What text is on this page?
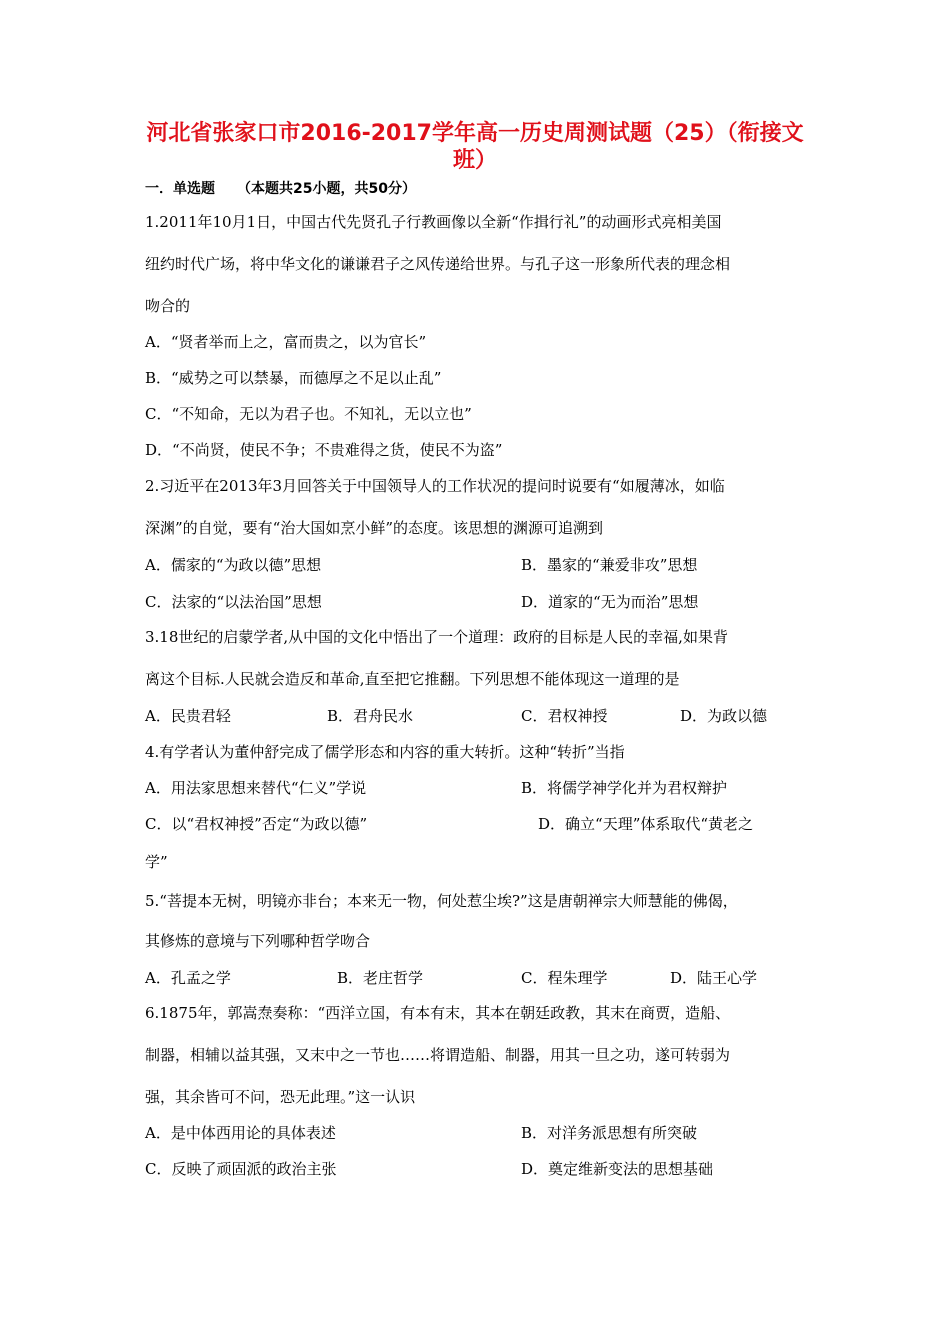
河北省张家口市2016-2017学年高一历史周测试题（25）（衔接文
班）
一．单选题 （本题共25小题，共50分）
1.2011年10月1日，中国古代先贤孔子行教画像以全新“作揖行礼”的动画形式亮相美国
纽约时代广场，将中华文化的谦谦君子之风传递给世界。与孔子这一形象所代表的理念相
吻合的
A．“贤者举而上之，富而贵之，以为官长”
B．“威势之可以禁暴，而德厚之不足以止乱”
C．“不知命，无以为君子也。不知礼，无以立也”
D．“不尚贤，使民不争；不贵难得之货，使民不为盗”
2.习近平在2013年3月回答关于中国领导人的工作状况的提问时说要有“如履薄冰，如临
深渊”的自觉，要有“治大国如烹小鲜”的态度。该思想的渊源可追溯到
A．儒家的“为政以德”思想	B．墨家的“兼爱非攻”思想
C．法家的“以法治国”思想	D．道家的“无为而治”思想
3.18世纪的启蒙学者,从中国的文化中悟出了一个道理：政府的目标是人民的幸福,如果背
离这个目标.人民就会造反和革命,直至把它推翻。下列思想不能体现这一道理的是
A．民贵君轻	B．君舟民水	C．君权神授	D．为政以德
4.有学者认为董仲舒完成了儒学形态和内容的重大转折。这种“转折”当指
A．用法家思想来替代“仁义”学说	B．将儒学神学化并为君权辩护
C．以“君权神授”否定“为政以德”	D．确立“天理”体系取代“黄老之
学”
5.“菩提本无树，明镜亦非台；本来无一物，何处惹尘埃?”这是唐朝禅宗大师慧能的佛偈，
其修炼的意境与下列哪种哲学吻合
A．孔孟之学	B．老庄哲学	C．程朱理学	D．陆王心学
6.1875年，郭嵩焘奏称：“西洋立国，有本有末，其本在朝廷政教，其末在商贾，造船、
制器，相辅以益其强，又末中之一节也……将谓造船、制器，用其一旦之功，遂可转弱为
强，其余皆可不问，恐无此理。”这一认识
A．是中体西用论的具体表述	B．对洋务派思想有所突破
C．反映了顽固派的政治主张	D．奠定维新变法的思想基础
